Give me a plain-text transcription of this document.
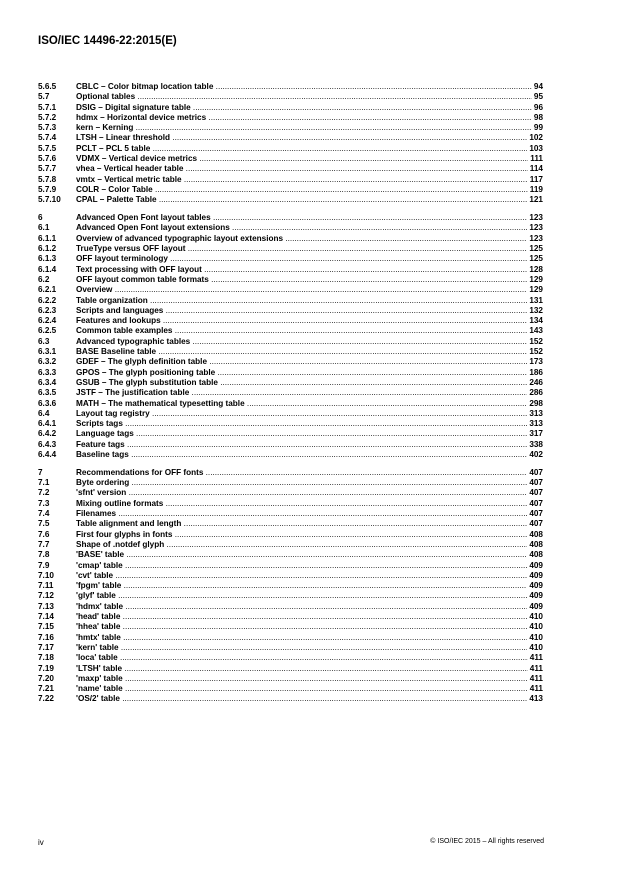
ISO/IEC 14496-22:2015(E)
5.6.5	CBLC – Color bitmap location table .....	94
5.7	Optional tables .....	95
5.7.1	DSIG – Digital signature table .....	96
5.7.2	hdmx – Horizontal device metrics .....	98
5.7.3	kern – Kerning .....	99
5.7.4	LTSH – Linear threshold .....	102
5.7.5	PCLT – PCL 5 table .....	103
5.7.6	VDMX – Vertical device metrics .....	111
5.7.7	vhea – Vertical header table .....	114
5.7.8	vmtx – Vertical metric table .....	117
5.7.9	COLR – Color Table .....	119
5.7.10	CPAL – Palette Table .....	121
6	Advanced Open Font layout tables .....	123
6.1	Advanced Open Font layout extensions .....	123
6.1.1	Overview of advanced typographic layout extensions .....	123
6.1.2	TrueType versus OFF layout .....	125
6.1.3	OFF layout terminology .....	125
6.1.4	Text processing with OFF layout .....	128
6.2	OFF layout common table formats .....	129
6.2.1	Overview .....	129
6.2.2	Table organization .....	131
6.2.3	Scripts and languages .....	132
6.2.4	Features and lookups .....	134
6.2.5	Common table examples .....	143
6.3	Advanced typographic tables .....	152
6.3.1	BASE Baseline table .....	152
6.3.2	GDEF – The glyph definition table .....	173
6.3.3	GPOS – The glyph positioning table .....	186
6.3.4	GSUB – The glyph substitution table .....	246
6.3.5	JSTF – The justification table .....	286
6.3.6	MATH – The mathematical typesetting table .....	298
6.4	Layout tag registry .....	313
6.4.1	Scripts tags .....	313
6.4.2	Language tags .....	317
6.4.3	Feature tags .....	338
6.4.4	Baseline tags .....	402
7	Recommendations for OFF fonts .....	407
7.1	Byte ordering .....	407
7.2	'sfnt' version .....	407
7.3	Mixing outline formats .....	407
7.4	Filenames .....	407
7.5	Table alignment and length .....	407
7.6	First four glyphs in fonts .....	408
7.7	Shape of .notdef glyph .....	408
7.8	'BASE' table .....	408
7.9	'cmap' table .....	409
7.10	'cvt' table .....	409
7.11	'fpgm' table .....	409
7.12	'glyf' table .....	409
7.13	'hdmx' table .....	409
7.14	'head' table .....	410
7.15	'hhea' table .....	410
7.16	'hmtx' table .....	410
7.17	'kern' table .....	410
7.18	'loca' table .....	411
7.19	'LTSH' table .....	411
7.20	'maxp' table .....	411
7.21	'name' table .....	411
7.22	'OS/2' table .....	413
iv	© ISO/IEC 2015 – All rights reserved
